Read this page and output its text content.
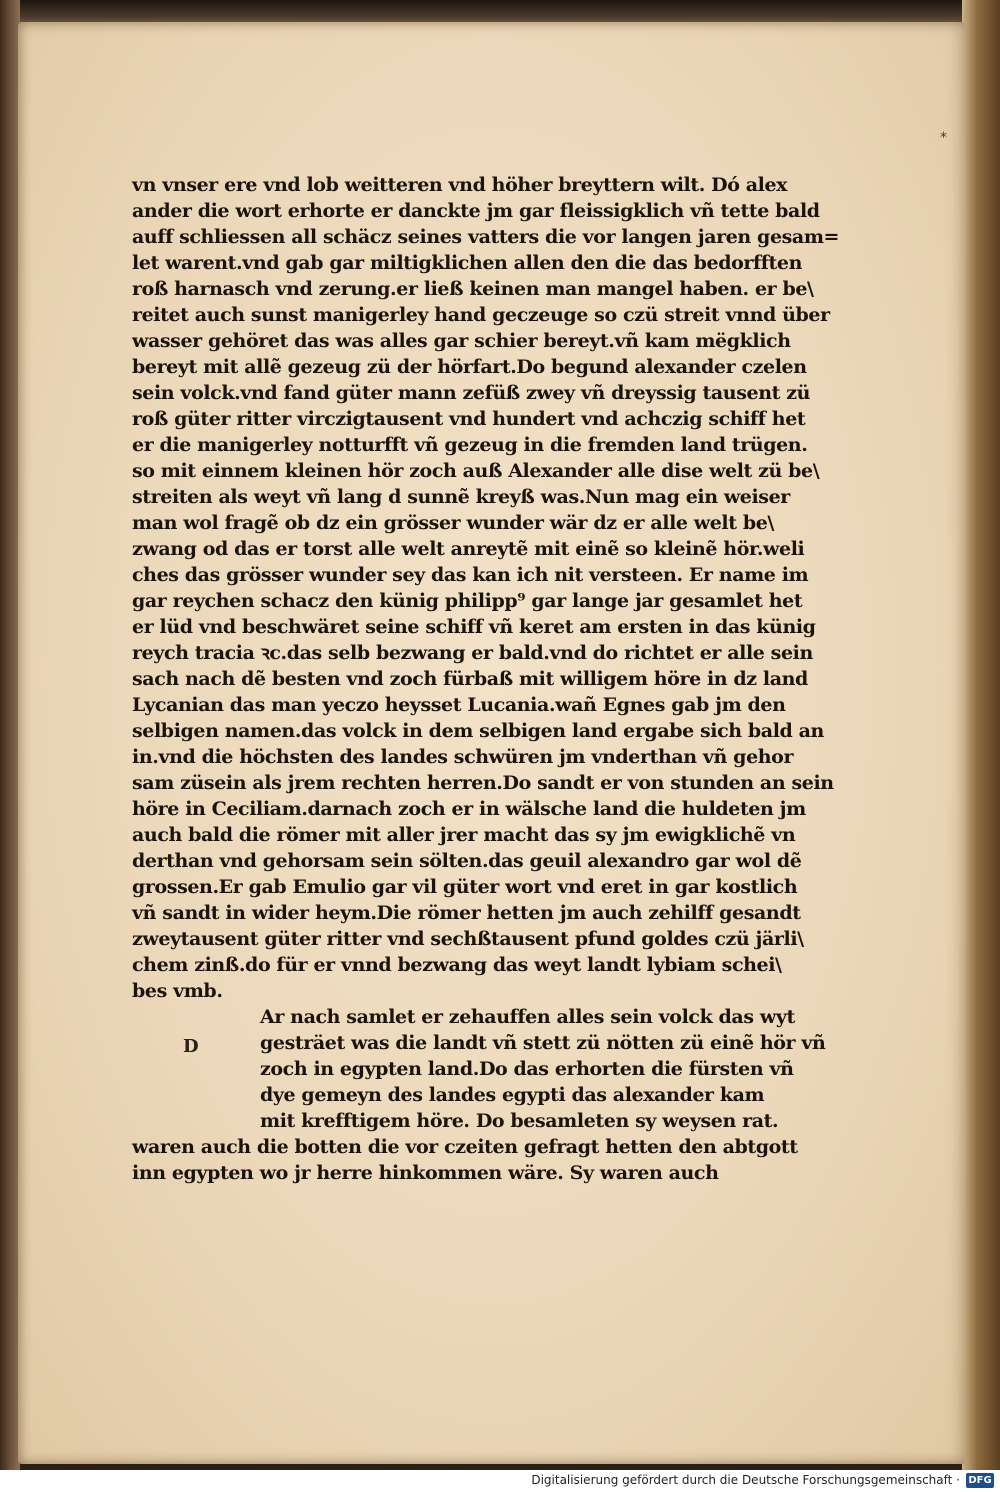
*
vn vnser ere vnd lob weitteren vnd höher breyttern wilt. Dó alex
ander die wort erhorte er danckte jm gar fleissigklich vñ tette bald
auff schliessen all schäcz seines vatters die vor langen jaren gesam=
let warent.vnd gab gar miltigklichen allen den die das bedorfften
roß harnasch vnd zerung.er ließ keinen man mangel haben. er be\
reitet auch sunst manigerley hand geczeuge so czü streit vnnd über
wasser gehöret das was alles gar schier bereyt.vñ kam mëgklich
bereyt mit allẽ gezeug zü der hörfart.Do begund alexander czelen
sein volck.vnd fand güter mann zefüß zwey vñ dreyssig tausent zü
roß güter ritter virczigtausent vnd hundert vnd achczig schiff het
er die manigerley notturfft vñ gezeug in die fremden land trügen.
so mit einnem kleinen hör zoch auß Alexander alle dise welt zü be\
streiten als weyt vñ lang d sunnẽ kreyß was.Nun mag ein weiser
man wol fragẽ ob dz ein grösser wunder wär dz er alle welt be\
zwang od das er torst alle welt anreytẽ mit einẽ so kleinẽ hör.weli
ches das grösser wunder sey das kan ich nit versteen. Er name im
gar reychen schacz den künig philipp⁹ gar lange jar gesamlet het
er lüd vnd beschwäret seine schiff vñ keret am ersten in das künig
reych tracia ꝛc.das selb bezwang er bald.vnd do richtet er alle sein
sach nach dẽ besten vnd zoch fürbaß mit willigem höre in dz land
Lycanian das man yeczo heysset Lucania.wañ Egnes gab jm den
selbigen namen.das volck in dem selbigen land ergabe sich bald an
in.vnd die höchsten des landes schwüren jm vnderthan vñ gehor
sam züsein als jrem rechten herren.Do sandt er von stunden an sein
höre in Ceciliam.darnach zoch er in wälsche land die huldeten jm
auch bald die römer mit aller jrer macht das sy jm ewigklichẽ vn
derthan vnd gehorsam sein sölten.das geuil alexandro gar wol dẽ
grossen.Er gab Emulio gar vil güter wort vnd eret in gar kostlich
vñ sandt in wider heym.Die römer hetten jm auch zehilff gesandt
zweytausent güter ritter vnd sechßtausent pfund goldes czü järli\
chem zinß.do für er vnnd bezwang das weyt landt lybiam schei\
bes vmb.
Ar nach samlet er zehauffen alles sein volck das wyt
gesträet was die landt vñ stett zü nötten zü einẽ hör vñ
zoch in egypten land.Do das erhorten die fürsten vñ
dye gemeyn des landes egypti das alexander kam
mit krefftigem höre. Do besamleten sy weysen rat.
waren auch die botten die vor czeiten gefragt hetten den abtgott
inn egypten wo jr herre hinkommen wäre. Sy waren auch
D
Digitalisierung gefördert durch die Deutsche Forschungsgemeinschaft · DFG
